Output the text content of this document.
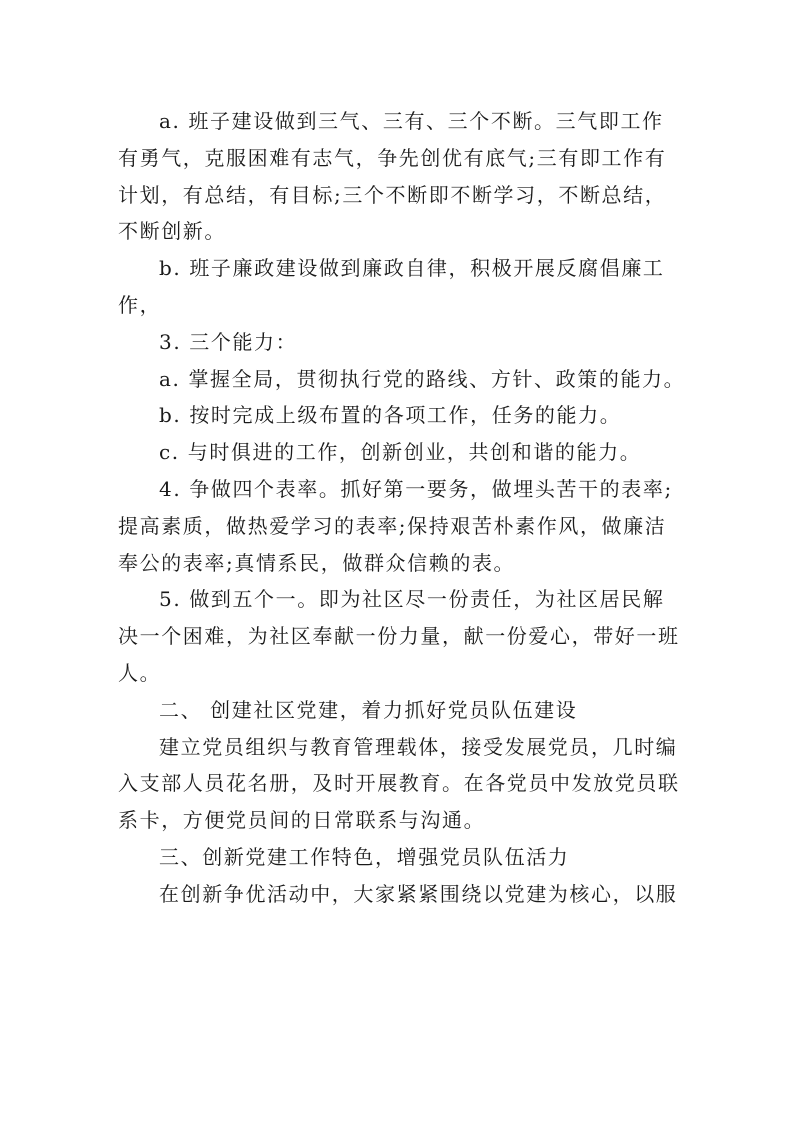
a. 班子建设做到三气、三有、三个不断。三气即工作
有勇气，克服困难有志气，争先创优有底气;三有即工作有
计划，有总结，有目标;三个不断即不断学习，不断总结，
不断创新。

b. 班子廉政建设做到廉政自律，积极开展反腐倡廉工
作，

3. 三个能力：

a. 掌握全局，贯彻执行党的路线、方针、政策的能力。

b. 按时完成上级布置的各项工作，任务的能力。

c. 与时俱进的工作，创新创业，共创和谐的能力。

4. 争做四个表率。抓好第一要务，做埋头苦干的表率;
提高素质，做热爱学习的表率;保持艰苦朴素作风，做廉洁
奉公的表率;真情系民，做群众信赖的表。

5. 做到五个一。即为社区尽一份责任，为社区居民解
决一个困难，为社区奉献一份力量，献一份爱心，带好一班
人。

二、 创建社区党建，着力抓好党员队伍建设

建立党员组织与教育管理载体，接受发展党员，几时编
入支部人员花名册，及时开展教育。在各党员中发放党员联
系卡，方便党员间的日常联系与沟通。

三、创新党建工作特色，增强党员队伍活力

在创新争优活动中，大家紧紧围绕以党建为核心，以服
